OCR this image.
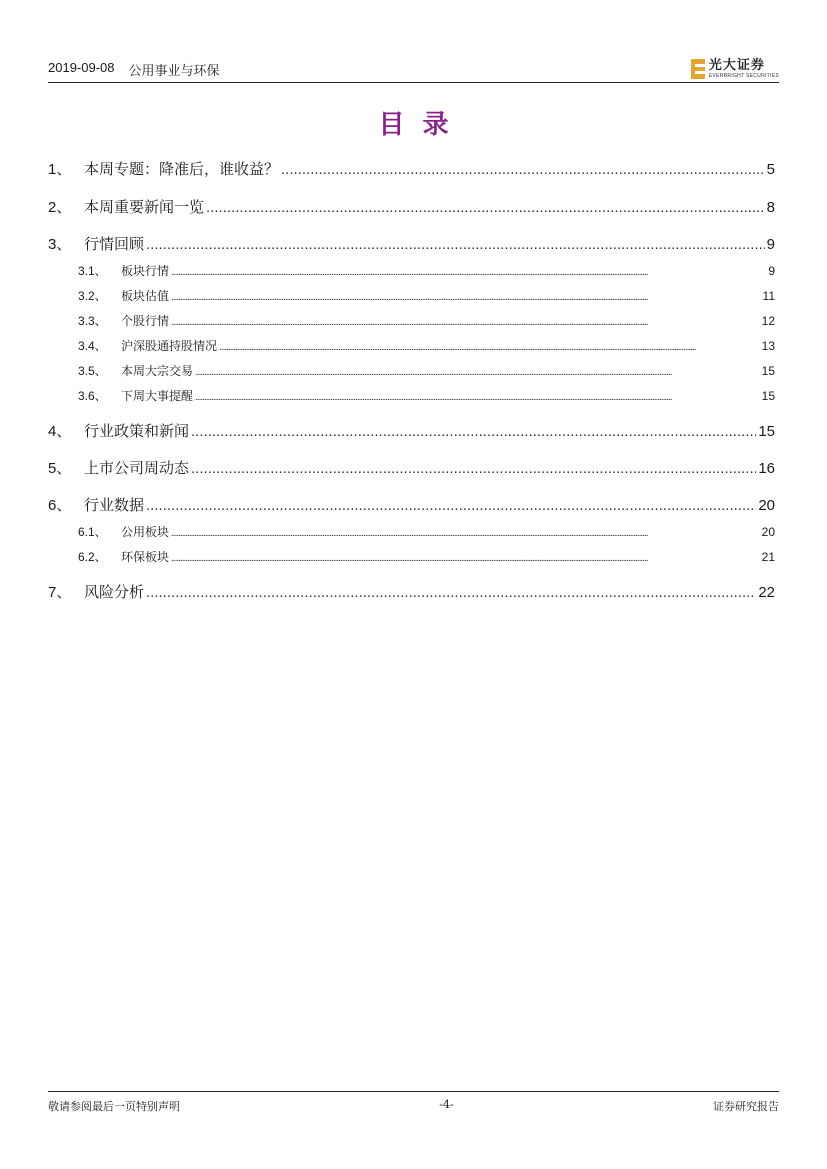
2019-09-08 公用事业与环保	光大证券
EVERBRIGHT SECURITIES
目录
1、 本周专题：降准后，谁收益？ .....	5
2、 本周重要新闻一览 .....	8
3、 行情回顾 .....	9
3.1、	板块行情 .....	9
3.2、	板块估值 .....	11
3.3、	个股行情 .....	12
3.4、	沪深股通持股情况 .....	13
3.5、	本周大宗交易 .....	15
3.6、	下周大事提醒 .....	15
4、 行业政策和新闻 .....	15
5、 上市公司周动态 .....	16
6、 行业数据 .....	20
6.1、	公用板块 .....	20
6.2、	环保板块 .....	21
7、 风险分析 .....	22
敬请参阅最后一页特别声明	-4-	证券研究报告
